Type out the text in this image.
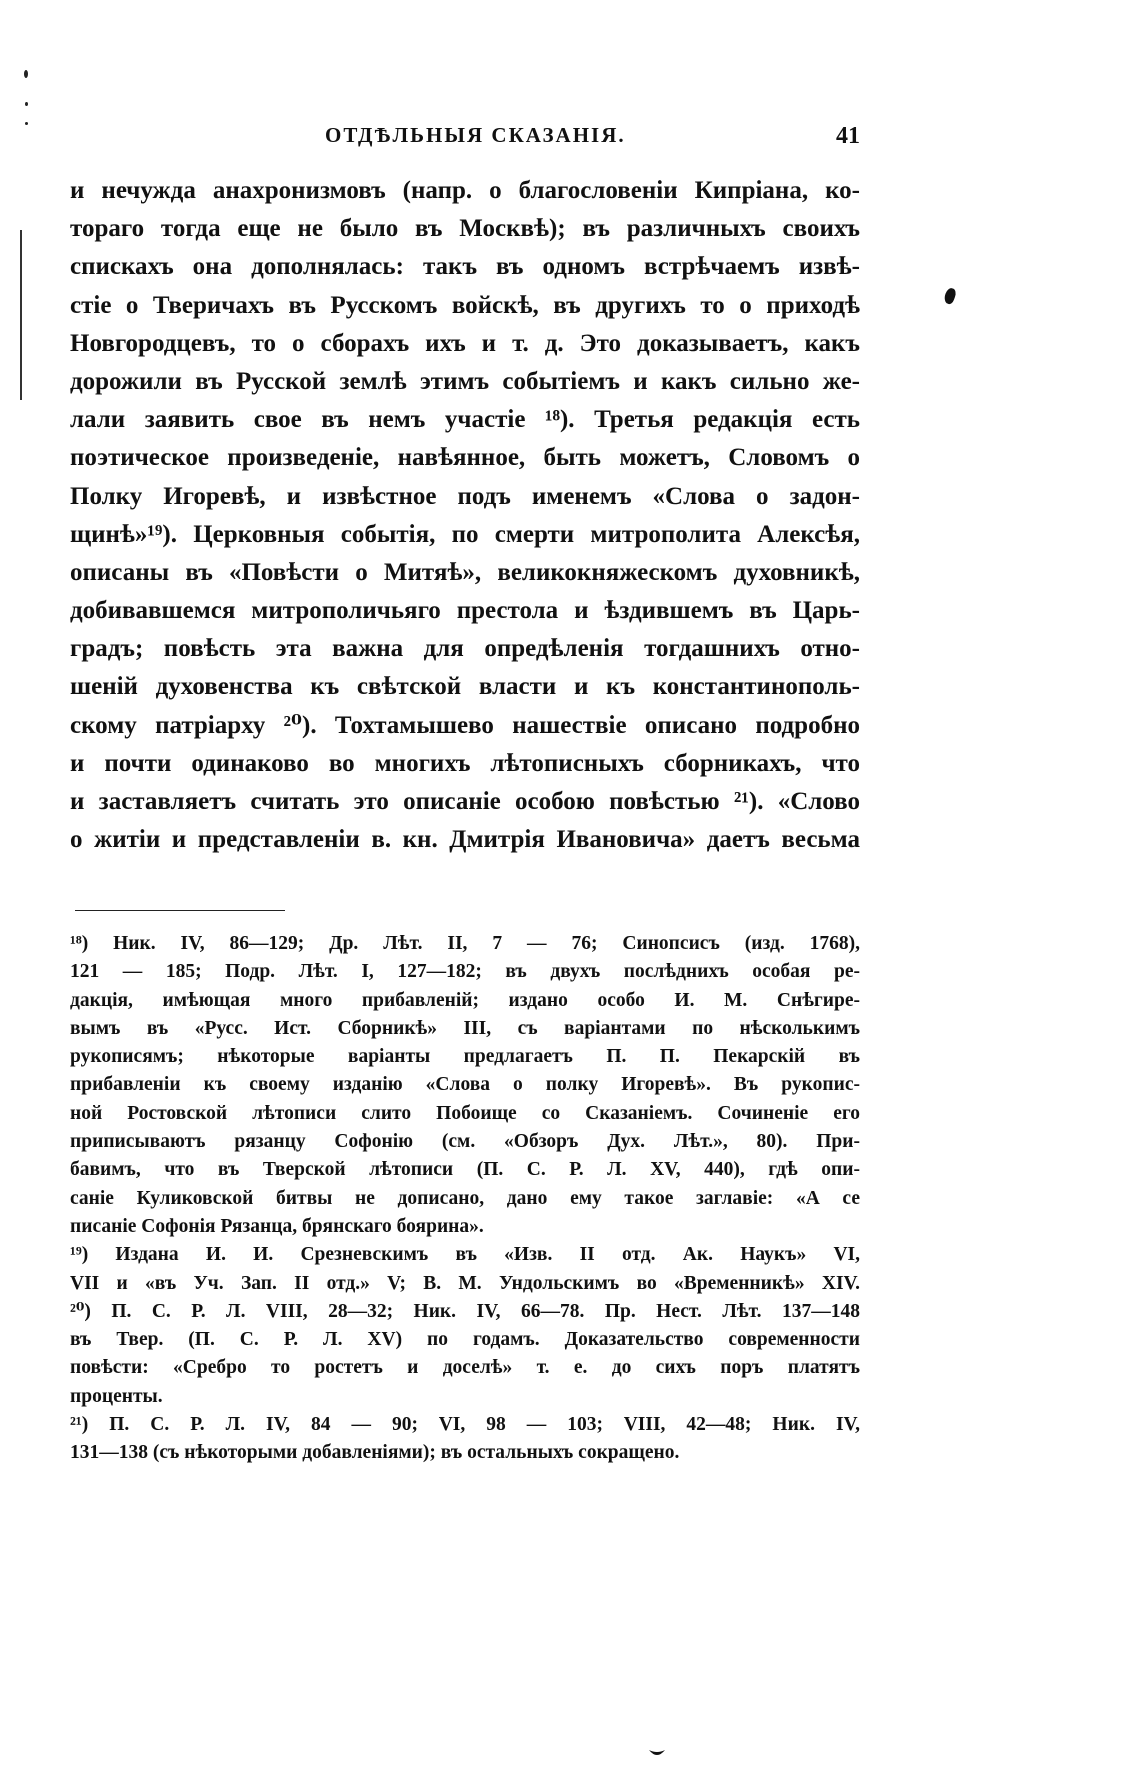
ОТДѢЛЬНЫЯ СКАЗАНІЯ.	41
и нечужда анахронизмовъ (напр. о благословеніи Кипріана, ко-
тораго тогда еще не было въ Москвѣ); въ различныхъ своихъ
спискахъ она дополнялась: такъ въ одномъ встрѣчаемъ извѣ-
стіе о Тверичахъ въ Русскомъ войскѣ, въ другихъ то о приходѣ
Новгородцевъ, то о сборахъ ихъ и т. д. Это доказываетъ, какъ
дорожили въ Русской землѣ этимъ событіемъ и какъ сильно же-
лали заявить свое въ немъ участіе ¹⁸). Третья редакція есть
поэтическое произведеніе, навѣянное, быть можетъ, Словомъ о
Полку Игоревѣ, и извѣстное подъ именемъ «Слова о задон-
щинѣ»¹⁹). Церковныя событія, по смерти митрополита Алексѣя,
описаны въ «Повѣсти о Митяѣ», великокняжескомъ духовникѣ,
добивавшемся митрополичьяго престола и ѣздившемъ въ Царь-
градъ; повѣсть эта важна для опредѣленія тогдашнихъ отно-
шеній духовенства къ свѣтской власти и къ константинополь-
скому патріарху ²⁰). Тохтамышево нашествіе описано подробно
и почти одинаково во многихъ лѣтописныхъ сборникахъ, что
и заставляетъ считать это описаніе особою повѣстью ²¹). «Слово
о житіи и представленіи в. кн. Дмитрія Ивановича» даетъ весьма
¹⁸) Ник. IV, 86—129; Др. Лѣт. II, 7 — 76; Синопсисъ (изд. 1768),
121 — 185; Подр. Лѣт. I, 127—182; въ двухъ послѣднихъ особая ре-
дакція, имѣющая много прибавленій; издано особо И. М. Снѣгире-
вымъ въ «Русс. Ист. Сборникѣ» III, съ варіантами по нѣсколькимъ
рукописямъ; нѣкоторые варіанты предлагаетъ П. П. Пекарскій въ
прибавленіи къ своему изданію «Слова о полку Игоревѣ». Въ рукопис-
ной Ростовской лѣтописи слито Побоище со Сказаніемъ. Сочиненіе его
приписываютъ рязанцу Софонію (см. «Обзоръ Дух. Лѣт.», 80). При-
бавимъ, что въ Тверской лѣтописи (П. С. Р. Л. XV, 440), гдѣ опи-
саніе Куликовской битвы не дописано, дано ему такое заглавіе: «А се
писаніе Софонія Рязанца, брянскаго боярина».
¹⁹) Издана И. И. Срезневскимъ въ «Изв. II отд. Ак. Наукъ» VI,
VII и «въ Уч. Зап. II отд.» V; В. М. Ундольскимъ во «Временникѣ» XIV.
²⁰) П. С. Р. Л. VIII, 28—32; Ник. IV, 66—78. Пр. Нест. Лѣт. 137—148
въ Твер. (П. С. Р. Л. XV) по годамъ. Доказательство современности
повѣсти: «Сребро то ростетъ и доселѣ» т. е. до сихъ поръ платятъ
проценты.
²¹) П. С. Р. Л. IV, 84 — 90; VI, 98 — 103; VIII, 42—48; Ник. IV,
131—138 (съ нѣкоторыми добавленіями); въ остальныхъ сокращено.
